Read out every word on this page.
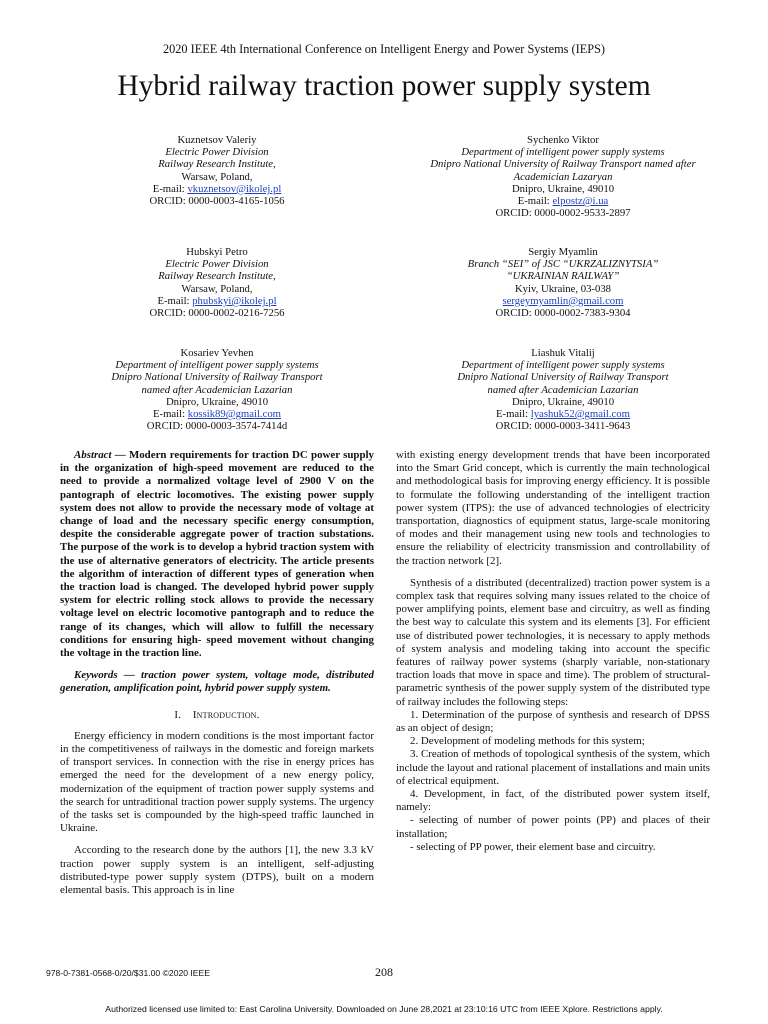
2020 IEEE 4th International Conference on Intelligent Energy and Power Systems (IEPS)
Hybrid railway traction power supply system
Kuznetsov Valeriy
Electric Power Division
Railway Research Institute,
Warsaw, Poland,
E-mail: vkuznetsov@ikolej.pl
ORCID: 0000-0003-4165-1056
Sychenko Viktor
Department of intelligent power supply systems
Dnipro National University of Railway Transport named after
Academician Lazaryan
Dnipro, Ukraine, 49010
E-mail: elpostz@i.ua
ORCID: 0000-0002-9533-2897
Hubskyi Petro
Electric Power Division
Railway Research Institute,
Warsaw, Poland,
E-mail: phubskyi@ikolej.pl
ORCID: 0000-0002-0216-7256
Sergiy Myamlin
Branch “SEI” of JSC “UKRZALIZNYTSIA”
“UKRAINIAN RAILWAY”
Kyiv, Ukraine, 03-038
sergeymyamlin@gmail.com
ORCID: 0000-0002-7383-9304
Kosariev Yevhen
Department of intelligent power supply systems
Dnipro National University of Railway Transport
named after Academician Lazarian
Dnipro, Ukraine, 49010
E-mail: kossik89@gmail.com
ORCID: 0000-0003-3574-7414d
Liashuk Vitalij
Department of intelligent power supply systems
Dnipro National University of Railway Transport
named after Academician Lazarian
Dnipro, Ukraine, 49010
E-mail: lyashuk52@gmail.com
ORCID: 0000-0003-3411-9643

Abstract — Modern requirements for traction DC power supply in the organization of high-speed movement are reduced to the need to provide a normalized voltage level of 2900 V on the pantograph of electric locomotives. The existing power supply system does not allow to provide the necessary mode of voltage at change of load and the necessary specific energy consumption, despite the considerable aggregate power of traction substations. The purpose of the work is to develop a hybrid traction system with the use of alternative generators of electricity. The article presents the algorithm of interaction of different types of generation when the traction load is changed. The developed hybrid power supply system for electric rolling stock allows to provide the necessary voltage level on electric locomotive pantograph and to reduce the range of its changes, which will allow to fulfill the necessary conditions for ensuring high- speed movement without changing the voltage in the traction line.

Keywords — traction power system, voltage mode, distributed generation, amplification point, hybrid power supply system.

I. Introduction.

Energy efficiency in modern conditions is the most important factor in the competitiveness of railways in the domestic and foreign markets of transport services. In connection with the rise in energy prices has emerged the need for the development of a new energy policy, modernization of the equipment of traction power supply systems and the search for untraditional traction power supply systems. The urgency of the tasks set is compounded by the high-speed traffic launched in Ukraine.

According to the research done by the authors [1], the new 3.3 kV traction power supply system is an intelligent, self-adjusting distributed-type power supply system (DTPS), built on a modern elemental basis. This approach is in line

with existing energy development trends that have been incorporated into the Smart Grid concept, which is currently the main technological and methodological basis for improving energy efficiency. It is possible to formulate the following understanding of the intelligent traction power system (ITPS): the use of advanced technologies of electricity transportation, diagnostics of equipment status, large-scale monitoring of modes and their management using new tools and technologies to ensure the reliability of electricity transmission and controllability of the traction network [2].

Synthesis of a distributed (decentralized) traction power system is a complex task that requires solving many issues related to the choice of power amplifying points, element base and circuitry, as well as finding the best way to calculate this system and its elements [3]. For efficient use of distributed power technologies, it is necessary to apply methods of system analysis and modeling taking into account the specific features of railway power systems (sharply variable, non-stationary traction loads that move in space and time). The problem of structural-parametric synthesis of the power supply system of the distributed type of railway includes the following steps:

1. Determination of the purpose of synthesis and research of DPSS as an object of design;

2. Development of modeling methods for this system;

3. Creation of methods of topological synthesis of the system, which include the layout and rational placement of installations and main units of electrical equipment.

4. Development, in fact, of the distributed power system itself, namely:

- selecting of number of power points (PP) and places of their installation;

- selecting of PP power, their element base and circuitry.

978-0-7381-0568-0/20/$31.00 ©2020 IEEE	208
Authorized licensed use limited to: East Carolina University. Downloaded on June 28,2021 at 23:10:16 UTC from IEEE Xplore. Restrictions apply.
